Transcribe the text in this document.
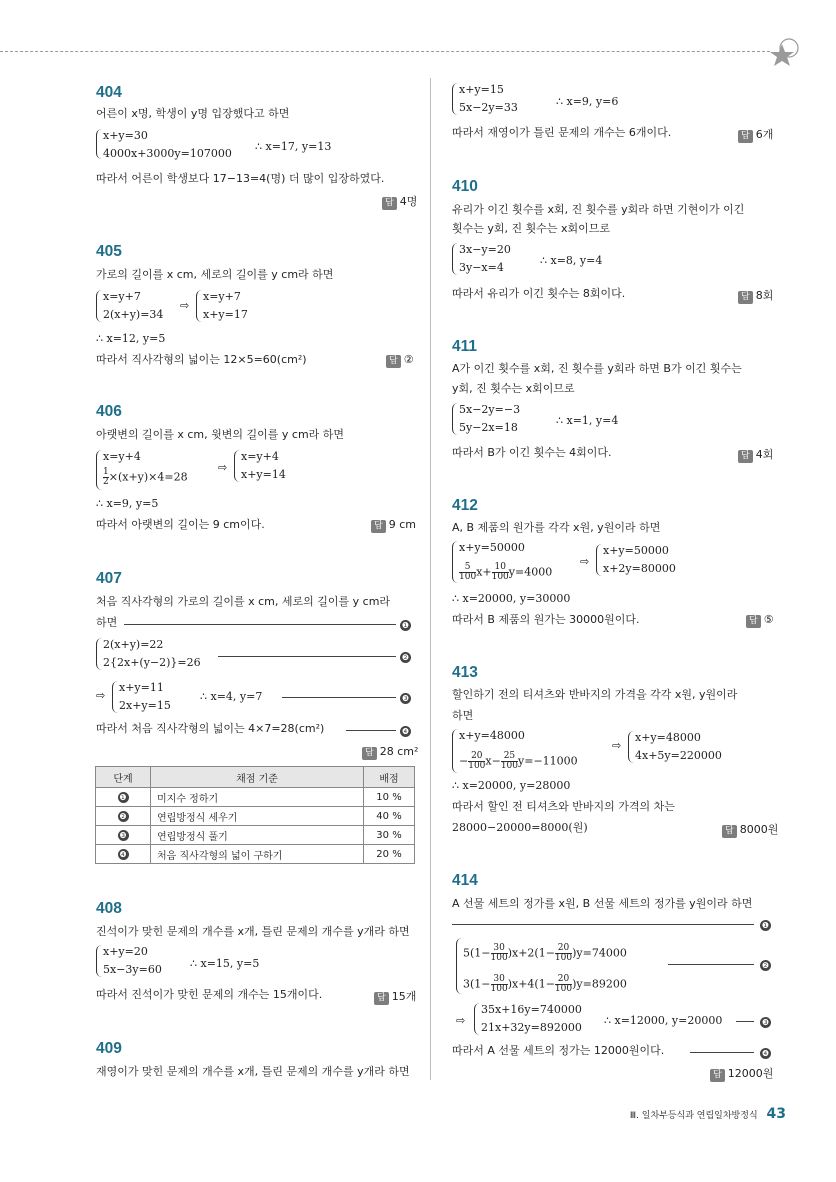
404
어른이 x명, 학생이 y명 입장했다고 하면
x+y=30
4000x+3000y=107000
∴ x=17, y=13
따라서 어른이 학생보다 17−13=4(명) 더 많이 입장하였다.
답 4명
405
가로의 길이를 x cm, 세로의 길이를 y cm라 하면
x=y+7
2(x+y)=34
⇨
x=y+7
x+y=17
∴ x=12, y=5
따라서 직사각형의 넓이는 12×5=60(cm²)	답 ②
406
아랫변의 길이를 x cm, 윗변의 길이를 y cm라 하면
x=y+4
$\frac{1}{2} \times(x+y)\times 4=28$
⇨
x=y+4
x+y=14
∴ x=9, y=5
따라서 아랫변의 길이는 9 cm이다.	답 9 cm
407
처음 직사각형의 가로의 길이를 x cm, 세로의 길이를 y cm라
하면	❶
2(x+y)=22
2{2x+(y−2)}=26	❷
⇨
x+y=11
2x+y=15
∴ x=4, y=7	❸
따라서 처음 직사각형의 넓이는 4×7=28(cm²)	❹
답 28 cm²
단계	채점 기준	배점
❶	미지수 정하기	10 %
❷	연립방정식 세우기	40 %
❸	연립방정식 풀기	30 %
❹	처음 직사각형의 넓이 구하기	20 %
408
진석이가 맞힌 문제의 개수를 x개, 틀린 문제의 개수를 y개라 하면
x+y=20
5x−3y=60	∴ x=15, y=5
따라서 진석이가 맞힌 문제의 개수는 15개이다.	답 15개
409
재영이가 맞힌 문제의 개수를 x개, 틀린 문제의 개수를 y개라 하면
x+y=15
5x−2y=33	∴ x=9, y=6
따라서 재영이가 틀린 문제의 개수는 6개이다.	답 6개
410
유리가 이긴 횟수를 x회, 진 횟수를 y회라 하면 기현이가 이긴
횟수는 y회, 진 횟수는 x회이므로
3x−y=20
3y−x=4
∴ x=8, y=4
따라서 유리가 이긴 횟수는 8회이다.	답 8회
411
A가 이긴 횟수를 x회, 진 횟수를 y회라 하면 B가 이긴 횟수는
y회, 진 횟수는 x회이므로
5x−2y=−3
5y−2x=18
∴ x=1, y=4
따라서 B가 이긴 횟수는 4회이다.	답 4회
412
A, B 제품의 원가를 각각 x원, y원이라 하면
x+y=50000
$\frac{5}{100} x+ \frac{10}{100} y=4000$
⇨
x+y=50000
x+2y=80000
∴ x=20000, y=30000
따라서 B 제품의 원가는 30000원이다.	답 ⑤
413
할인하기 전의 티셔츠와 반바지의 가격을 각각 x원, y원이라
하면
x+y=48000
− $\frac{20}{100} x- \frac{25}{100} y=-11000$
⇨
x+y=48000
4x+5y=220000
∴ x=20000, y=28000
따라서 할인 전 티셔츠와 반바지의 가격의 차는
28000−20000=8000(원)	답 8000원
414
A 선물 세트의 정가를 x원, B 선물 세트의 정가를 y원이라 하면
❶
$5(1- \frac{30}{100} )x+2(1- \frac{20}{100} )y=74000$
❷
$3(1- \frac{30}{100} )x+4(1- \frac{20}{100} )y=89200$
⇨
35x+16y=740000
21x+32y=892000
∴ x=12000, y=20000	❸
따라서 A 선물 세트의 정가는 12000원이다.	❹
답 12000원
Ⅲ. 일차부등식과 연립일차방정식 43
